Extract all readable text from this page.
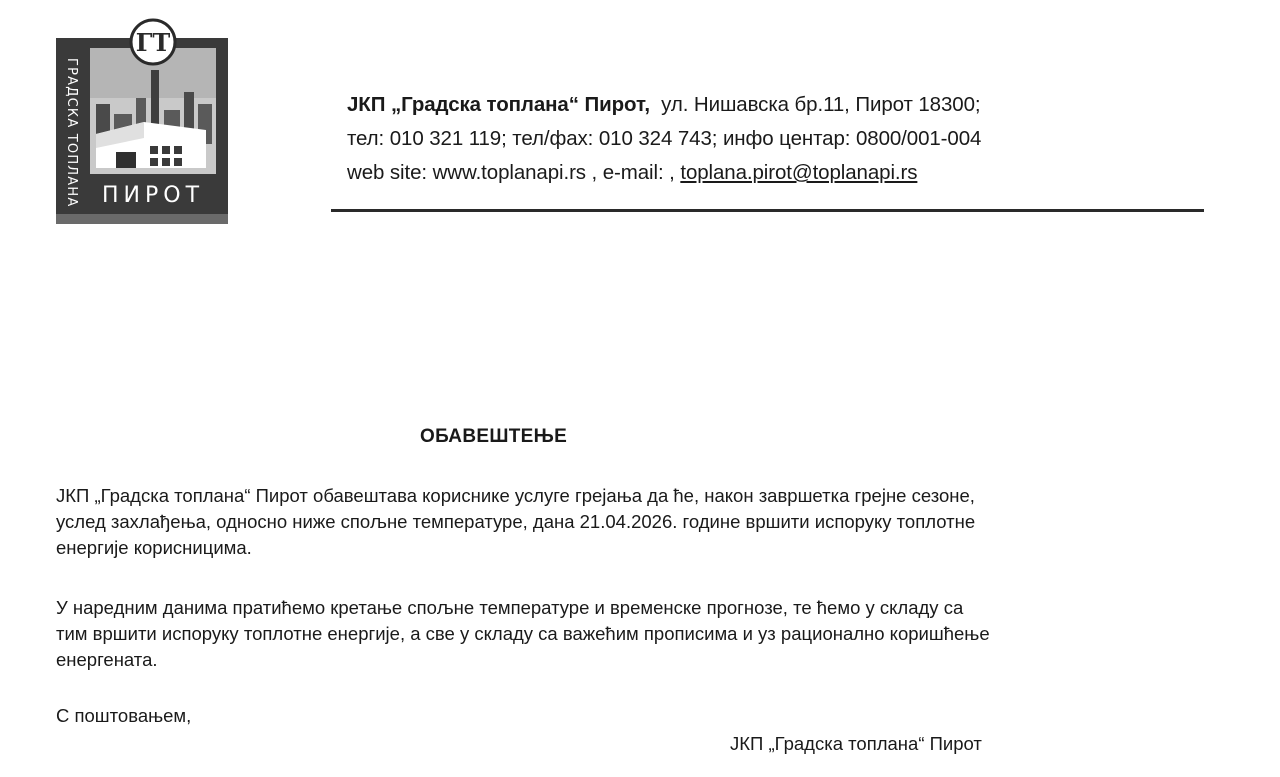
ГТ
ГРАДСКА ТОПЛАНА ПИРОТ
ЈКП „Градска топлана“ Пирот, ул. Нишавска бр.11, Пирот 18300;
тел: 010 321 119; тел/фах: 010 324 743; инфо центар: 0800/001-004
web site: www.toplanapi.rs , e-mail: , toplana.pirot@toplanapi.rs
ОБАВЕШТЕЊЕ

ЈКП „Градска топлана“ Пирот обавештава кориснике услуге грејања да ће, након завршетка грејне сезоне,
услед захлађења, односно ниже спољне температуре, дана 21.04.2026. године вршити испоруку топлотне
енергије корисницима.

У наредним данима пратићемо кретање спољне температуре и временске прогнозе, те ћемо у складу са
тим вршити испоруку топлотне енергије, а све у складу са важећим прописима и уз рационално коришћење
енергената.

С поштовањем,
ЈКП „Градска топлана“ Пирот
